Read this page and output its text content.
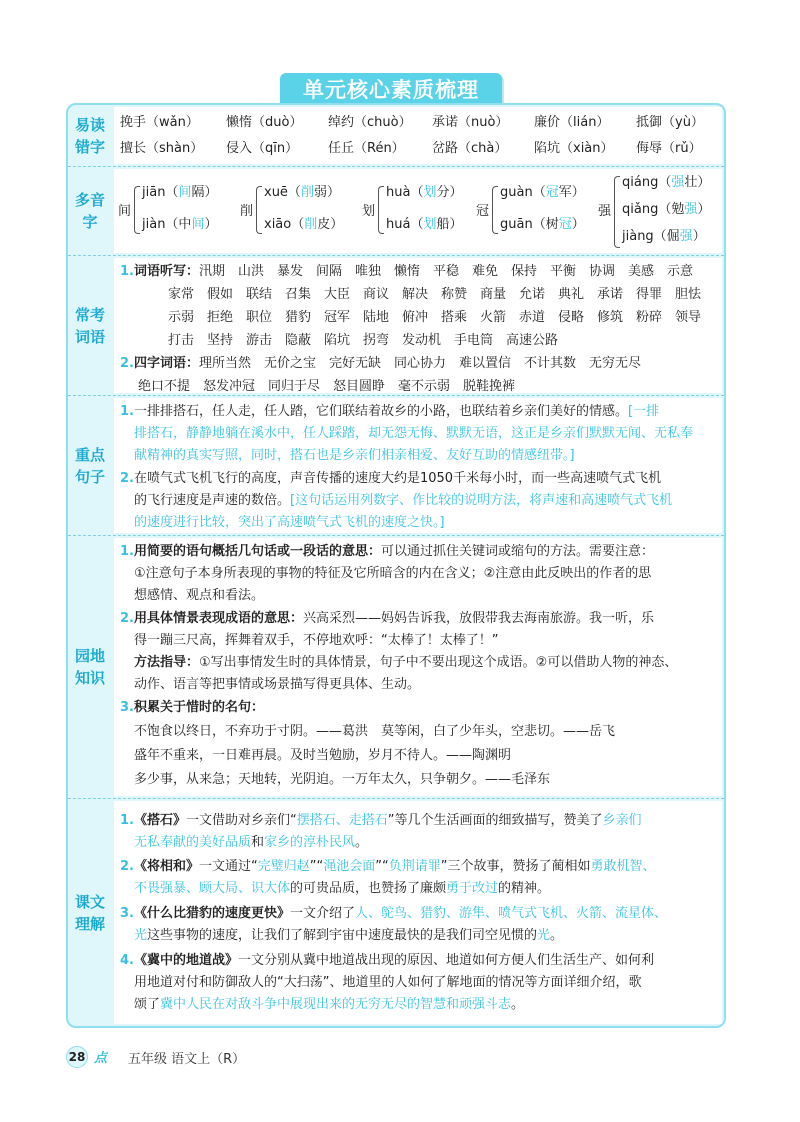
单元核心素质梳理
易读错字
挽手（wǎn） 懒惰（duò） 绰约（chuò） 承诺（nuò） 廉价（lián） 抵御（yù）
擅长（shàn） 侵入（qīn） 任丘（Rén） 岔路（chà） 陷坑（xiàn） 侮辱（rǔ）
多音字
间
jiān（间隔）
jiàn（中间）
削
xuē（削弱）
xiāo（削皮）
划
huà（划分）
huá（划船）
冠
guàn（冠军）
guān（树冠）
强
qiáng（强壮）
qiǎng（勉强）
jiàng（倔强）
常考词语
1.词语听写：汛期　山洪　暴发　间隔　唯独　懒惰　平稳　难免　保持　平衡　协调　美感　示意
家常　假如　联结　召集　大臣　商议　解决　称赞　商量　允诺　典礼　承诺　得罪　胆怯
示弱　拒绝　职位　猎豹　冠军　陆地　俯冲　搭乘　火箭　赤道　侵略　修筑　粉碎　领导
打击　坚持　游击　隐蔽　陷坑　拐弯　发动机　手电筒　高速公路
2.四字词语：理所当然　无价之宝　完好无缺　同心协力　难以置信　不计其数　无穷无尽
绝口不提　怒发冲冠　同归于尽　怒目圆睁　毫不示弱　脱鞋挽裤
重点句子
1.一排排搭石，任人走，任人踏，它们联结着故乡的小路，也联结着乡亲们美好的情感。[一排
排搭石，静静地躺在溪水中，任人踩踏，却无怨无悔、默默无语，这正是乡亲们默默无闻、无私奉
献精神的真实写照，同时，搭石也是乡亲们相亲相爱、友好互助的情感纽带。]
2.在喷气式飞机飞行的高度，声音传播的速度大约是1050千米每小时，而一些高速喷气式飞机
的飞行速度是声速的数倍。[这句话运用列数字、作比较的说明方法，将声速和高速喷气式飞机
的速度进行比较，突出了高速喷气式飞机的速度之快。]
园地知识
1.用简要的语句概括几句话或一段话的意思：可以通过抓住关键词或缩句的方法。需要注意：
①注意句子本身所表现的事物的特征及它所暗含的内在含义；②注意由此反映出的作者的思
想感情、观点和看法。
2.用具体情景表现成语的意思：兴高采烈——妈妈告诉我，放假带我去海南旅游。我一听，乐
得一蹦三尺高，挥舞着双手，不停地欢呼：“太棒了！太棒了！”
方法指导：①写出事情发生时的具体情景，句子中不要出现这个成语。②可以借助人物的神态、
动作、语言等把事情或场景描写得更具体、生动。
3.积累关于惜时的名句：
不饱食以终日，不弃功于寸阴。——葛洪　莫等闲，白了少年头，空悲切。——岳飞
盛年不重来，一日难再晨。及时当勉励，岁月不待人。——陶渊明
多少事，从来急；天地转，光阴迫。一万年太久，只争朝夕。——毛泽东
课文理解
1.《搭石》一文借助对乡亲们“摆搭石、走搭石”等几个生活画面的细致描写，赞美了乡亲们
无私奉献的美好品质和家乡的淳朴民风。
2.《将相和》一文通过“完璧归赵”“渑池会面”“负荆请罪”三个故事，赞扬了蔺相如勇敢机智、
不畏强暴、顾大局、识大体的可贵品质，也赞扬了廉颇勇于改过的精神。
3.《什么比猎豹的速度更快》一文介绍了人、鸵鸟、猎豹、游隼、喷气式飞机、火箭、流星体、
光这些事物的速度，让我们了解到宇宙中速度最快的是我们司空见惯的光。
4.《冀中的地道战》一文分别从冀中地道战出现的原因、地道如何方便人们生活生产、如何利
用地道对付和防御敌人的“大扫荡”、地道里的人如何了解地面的情况等方面详细介绍，歌
颂了冀中人民在对敌斗争中展现出来的无穷无尽的智慧和顽强斗志。
28 点 五年级 语文上（R）
